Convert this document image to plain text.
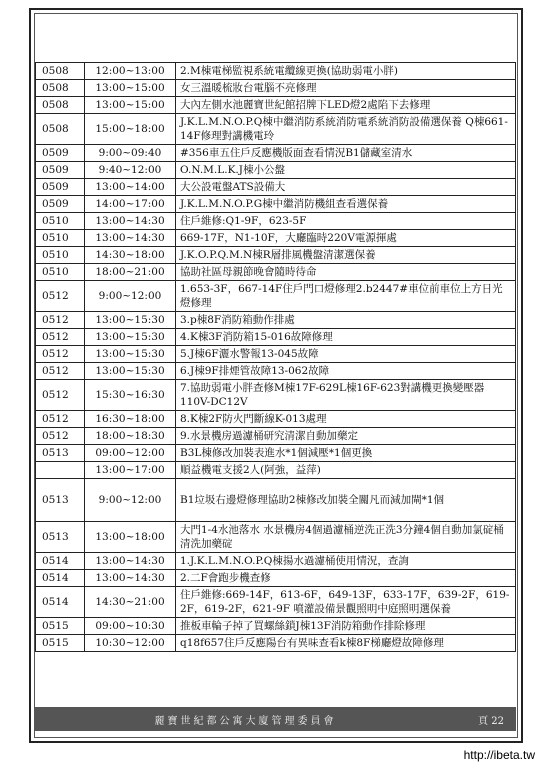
0508	12:00~13:00	2.M棟電梯監視系統電纜線更換(協助弱電小胖)
0508	13:00~15:00	女三溫暖梳妝台電腦不亮修理
0508	13:00~15:00	大內左側水池麗寶世紀館招牌下LED燈2處陷下去修理
0508	15:00~18:00	J.K.L.M.N.O.P.Q棟中繼消防系統消防電系統消防設備選保養 Q棟661-14F修理對講機電玲
0509	9:00~09:40	#356車五住戶反應機版面查看情況B1儲藏室清水
0509	9:40~12:00	O.N.M.L.K.J棟小公盤
0509	13:00~14:00	大公設電盤ATS設備大
0509	14:00~17:00	J.K.L.M.N.O.P.G棟中繼消防機組查看選保養
0510	13:00~14:30	住戶維修:Q1-9F，623-5F
0510	13:00~14:30	669-17F，N1-10F，大廳臨時220V電源揮處
0510	14:30~18:00	J.K.O.P.Q.M.N棟R層排風機盤清潔選保養
0510	18:00~21:00	協助社區母親節晚會隨時待命
0512	9:00~12:00	1.653-3F，667-14F住戶門口燈修理2.b2447#車位前車位上方日光燈修理
0512	13:00~15:30	3.p棟8F消防箱動作排處
0512	13:00~15:30	4.K棟3F消防箱15-016故障修理
0512	13:00~15:30	5.J棟6F灑水警報13-045故障
0512	13:00~15:30	6.J棟9F排煙管故障13-062故障
0512	15:30~16:30	7.協助弱電小胖查修M棟17F-629L棟16F-623對講機更換變壓器110V-DC12V
0512	16:30~18:00	8.K棟2F防火門斷線K-013處理
0512	18:00~18:30	9.水景機房過濾桶研究清潔自動加藥定
0513	09:00~12:00	B3L棟修改加裝表進水*1個減壓*1個更換
	13:00~17:00	順益機電支援2人(阿強，益萍)
0513	9:00~12:00	B1垃圾右邊燈修理協助2棟修改加裝全關凡而減加閘*1個
0513	13:00~18:00	大門1-4水池落水 水景機房4個過濾桶逆洗正洗3分鐘4個自動加氯碇桶清洗加藥碇
0514	13:00~14:30	1.J.K.L.M.N.O.P.Q棟揚水過濾桶使用情況，查詢
0514	13:00~14:30	2.二F會跑步機查修
0514	14:30~21:00	住戶維修:669-14F，613-6F，649-13F，633-17F，639-2F，619-2F，619-2F，621-9F 噴灌設備景觀照明中庭照明選保養
0515	09:00~10:30	推板車輪子掉了買螺絲鎖J棟13F消防箱動作排除修理
0515	10:30~12:00	q18f657住戶反應陽台有異味查看k棟8F梯廳燈故障修理
麗寶世紀都公寓大廈管理委員會	頁 22
http://ibeta.tw
